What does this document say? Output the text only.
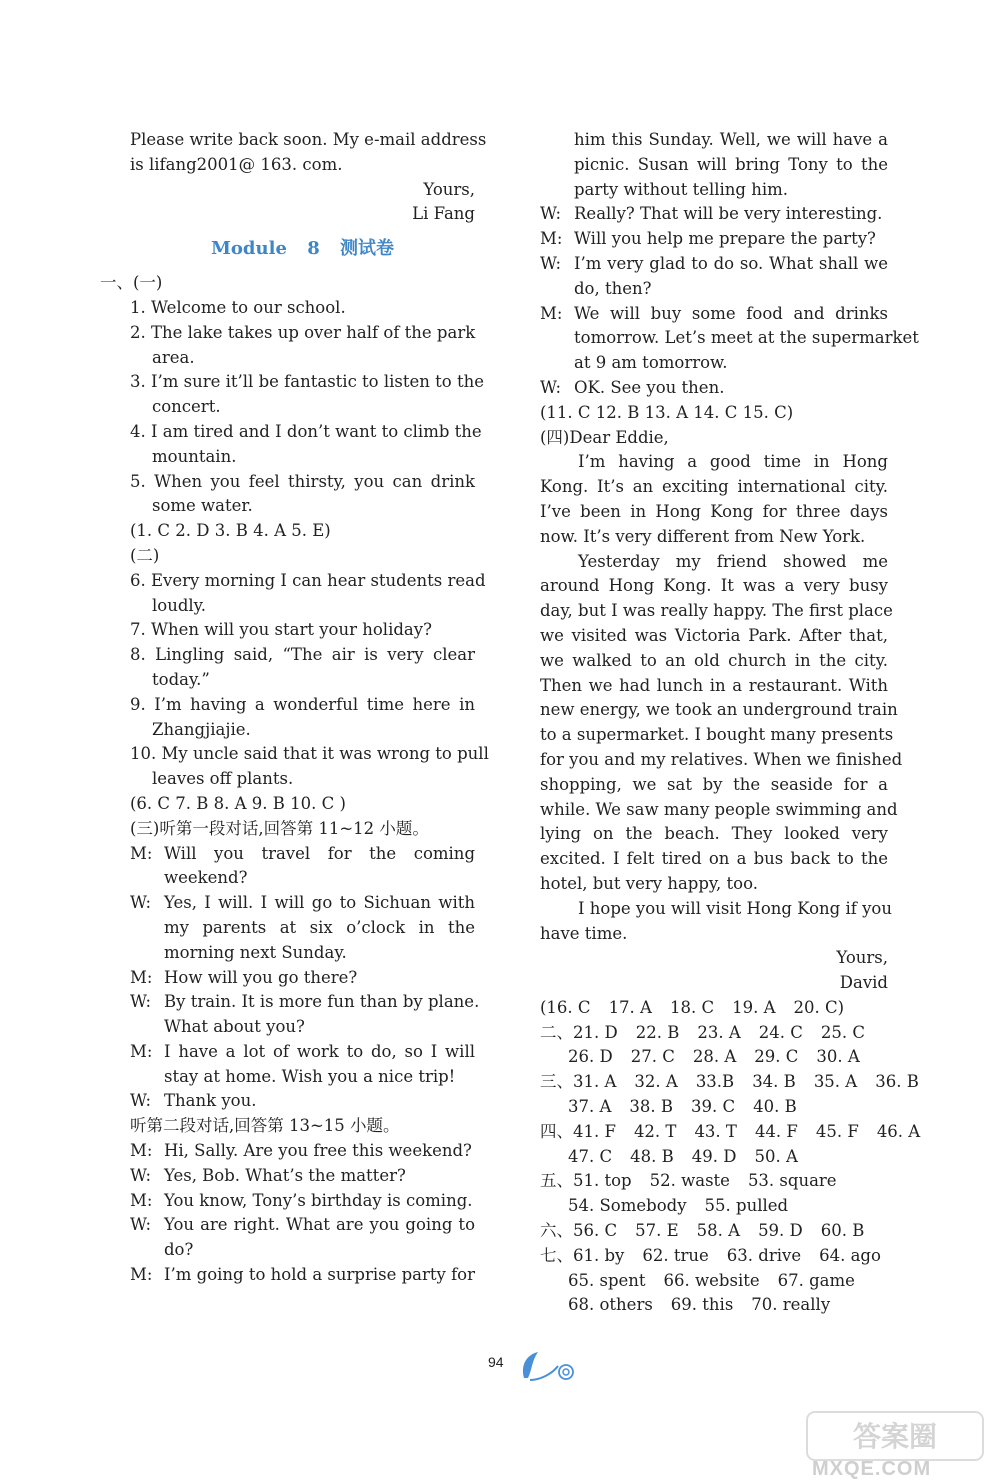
Please write back soon. My e-mail address
is lifang2001@ 163. com.
Yours,
Li Fang
Module 8 测试卷
一、(一)
1. Welcome to our school.
2. The lake takes up over half of the park
area.
3. I’m sure it’ll be fantastic to listen to the
concert.
4. I am tired and I don’t want to climb the
mountain.
5. When you feel thirsty, you can drink
some water.
(1. C 2. D 3. B 4. A 5. E)
(二)
6. Every morning I can hear students read
loudly.
7. When will you start your holiday?
8. Lingling said, “The air is very clear
today.”
9. I’m having a wonderful time here in
Zhangjiajie.
10. My uncle said that it was wrong to pull
leaves off plants.
(6. C 7. B 8. A 9. B 10. C )
(三)听第一段对话,回答第 11~12 小题。
M: Will you travel for the coming
weekend?
W: Yes, I will. I will go to Sichuan with
my parents at six o’clock in the
morning next Sunday.
M: How will you go there?
W: By train. It is more fun than by plane.
What about you?
M: I have a lot of work to do, so I will
stay at home. Wish you a nice trip!
W: Thank you.
听第二段对话,回答第 13~15 小题。
M: Hi, Sally. Are you free this weekend?
W: Yes, Bob. What’s the matter?
M: You know, Tony’s birthday is coming.
W: You are right. What are you going to
do?
M: I’m going to hold a surprise party for
him this Sunday. Well, we will have a
picnic. Susan will bring Tony to the
party without telling him.
W: Really? That will be very interesting.
M: Will you help me prepare the party?
W: I’m very glad to do so. What shall we
do, then?
M: We will buy some food and drinks
tomorrow. Let’s meet at the supermarket
at 9 am tomorrow.
W: OK. See you then.
(11. C 12. B 13. A 14. C 15. C)
(四)Dear Eddie,
I’m having a good time in Hong
Kong. It’s an exciting international city.
I’ve been in Hong Kong for three days
now. It’s very different from New York.
Yesterday my friend showed me
around Hong Kong. It was a very busy
day, but I was really happy. The first place
we visited was Victoria Park. After that,
we walked to an old church in the city.
Then we had lunch in a restaurant. With
new energy, we took an underground train
to a supermarket. I bought many presents
for you and my relatives. When we finished
shopping, we sat by the seaside for a
while. We saw many people swimming and
lying on the beach. They looked very
excited. I felt tired on a bus back to the
hotel, but very happy, too.
I hope you will visit Hong Kong if you
have time.
Yours,
David
(16. C 17. A 18. C 19. A 20. C)
二、21. D 22. B 23. A 24. C 25. C
26. D 27. C 28. A 29. C 30. A
三、31. A 32. A 33.B 34. B 35. A 36. B
37. A 38. B 39. C 40. B
四、41. F 42. T 43. T 44. F 45. F 46. A
47. C 48. B 49. D 50. A
五、51. top 52. waste 53. square
54. Somebody 55. pulled
六、56. C 57. E 58. A 59. D 60. B
七、61. by 62. true 63. drive 64. ago
65. spent 66. website 67. game
68. others 69. this 70. really
94
答案圈
MXQE.COM
